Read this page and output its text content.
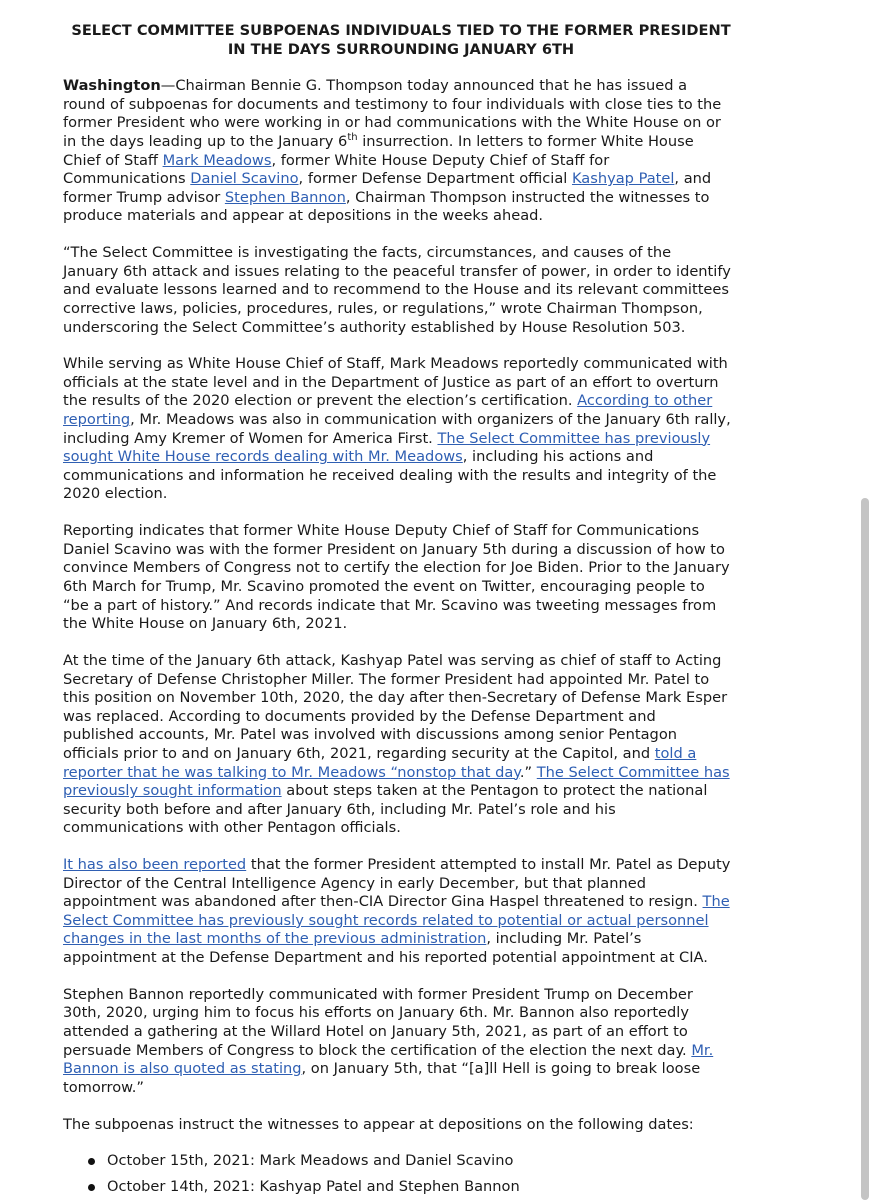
SELECT COMMITTEE SUBPOENAS INDIVIDUALS TIED TO THE FORMER PRESIDENT
IN THE DAYS SURROUNDING JANUARY 6TH

Washington—Chairman Bennie G. Thompson today announced that he has issued a round of subpoenas for documents and testimony to four individuals with close ties to the former President who were working in or had communications with the White House on or in the days leading up to the January 6th insurrection. In letters to former White House Chief of Staff Mark Meadows, former White House Deputy Chief of Staff for Communications Daniel Scavino, former Defense Department official Kashyap Patel, and former Trump advisor Stephen Bannon, Chairman Thompson instructed the witnesses to produce materials and appear at depositions in the weeks ahead.

“The Select Committee is investigating the facts, circumstances, and causes of the January 6th attack and issues relating to the peaceful transfer of power, in order to identify and evaluate lessons learned and to recommend to the House and its relevant committees corrective laws, policies, procedures, rules, or regulations,” wrote Chairman Thompson, underscoring the Select Committee’s authority established by House Resolution 503.

While serving as White House Chief of Staff, Mark Meadows reportedly communicated with officials at the state level and in the Department of Justice as part of an effort to overturn the results of the 2020 election or prevent the election’s certification. According to other reporting, Mr. Meadows was also in communication with organizers of the January 6th rally, including Amy Kremer of Women for America First. The Select Committee has previously sought White House records dealing with Mr. Meadows, including his actions and communications and information he received dealing with the results and integrity of the 2020 election.

Reporting indicates that former White House Deputy Chief of Staff for Communications Daniel Scavino was with the former President on January 5th during a discussion of how to convince Members of Congress not to certify the election for Joe Biden. Prior to the January 6th March for Trump, Mr. Scavino promoted the event on Twitter, encouraging people to “be a part of history.” And records indicate that Mr. Scavino was tweeting messages from the White House on January 6th, 2021.

At the time of the January 6th attack, Kashyap Patel was serving as chief of staff to Acting Secretary of Defense Christopher Miller. The former President had appointed Mr. Patel to this position on November 10th, 2020, the day after then-Secretary of Defense Mark Esper was replaced. According to documents provided by the Defense Department and published accounts, Mr. Patel was involved with discussions among senior Pentagon officials prior to and on January 6th, 2021, regarding security at the Capitol, and told a reporter that he was talking to Mr. Meadows “nonstop that day.” The Select Committee has previously sought information about steps taken at the Pentagon to protect the national security both before and after January 6th, including Mr. Patel’s role and his communications with other Pentagon officials.

It has also been reported that the former President attempted to install Mr. Patel as Deputy Director of the Central Intelligence Agency in early December, but that planned appointment was abandoned after then-CIA Director Gina Haspel threatened to resign. The Select Committee has previously sought records related to potential or actual personnel changes in the last months of the previous administration, including Mr. Patel’s appointment at the Defense Department and his reported potential appointment at CIA.

Stephen Bannon reportedly communicated with former President Trump on December 30th, 2020, urging him to focus his efforts on January 6th. Mr. Bannon also reportedly attended a gathering at the Willard Hotel on January 5th, 2021, as part of an effort to persuade Members of Congress to block the certification of the election the next day. Mr. Bannon is also quoted as stating, on January 5th, that “[a]ll Hell is going to break loose tomorrow.”

The subpoenas instruct the witnesses to appear at depositions on the following dates:

October 15th, 2021: Mark Meadows and Daniel Scavino
October 14th, 2021: Kashyap Patel and Stephen Bannon
